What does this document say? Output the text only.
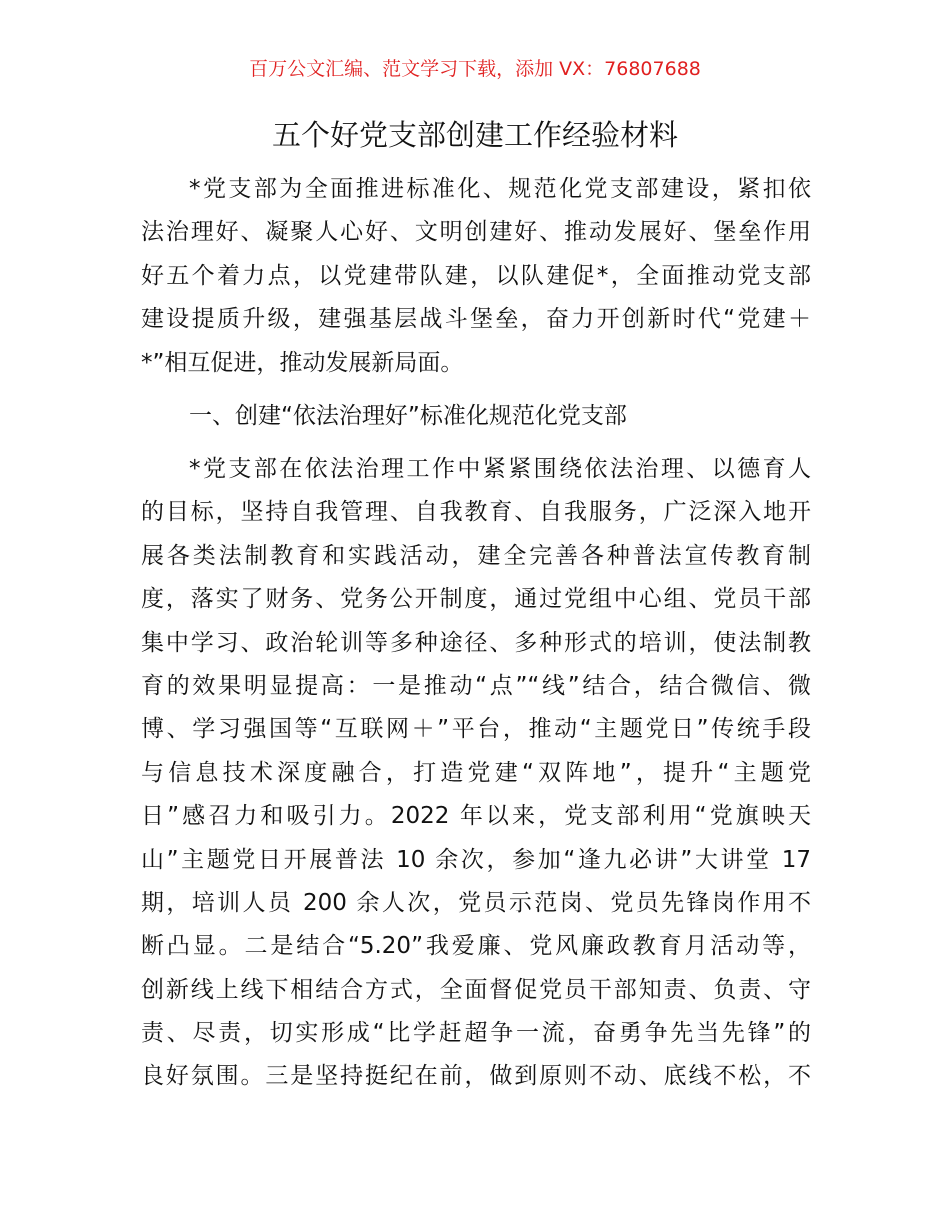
百万公文汇编、范文学习下载，添加 VX：76807688
五个好党支部创建工作经验材料
*党支部为全面推进标准化、规范化党支部建设，紧扣依
法治理好、凝聚人心好、文明创建好、推动发展好、堡垒作用
好五个着力点，以党建带队建，以队建促*，全面推动党支部
建设提质升级，建强基层战斗堡垒，奋力开创新时代“党建＋
*”相互促进，推动发展新局面。
一、创建“依法治理好”标准化规范化党支部
*党支部在依法治理工作中紧紧围绕依法治理、以德育人
的目标，坚持自我管理、自我教育、自我服务，广泛深入地开
展各类法制教育和实践活动，建全完善各种普法宣传教育制
度，落实了财务、党务公开制度，通过党组中心组、党员干部
集中学习、政治轮训等多种途径、多种形式的培训，使法制教
育的效果明显提高：一是推动“点”“线”结合，结合微信、微
博、学习强国等“互联网＋”平台，推动“主题党日”传统手段
与信息技术深度融合，打造党建“双阵地”，提升“主题党
日”感召力和吸引力。2022 年以来，党支部利用“党旗映天
山”主题党日开展普法 10 余次，参加“逢九必讲”大讲堂 17
期，培训人员 200 余人次，党员示范岗、党员先锋岗作用不
断凸显。二是结合“5.20”我爱廉、党风廉政教育月活动等，
创新线上线下相结合方式，全面督促党员干部知责、负责、守
责、尽责，切实形成“比学赶超争一流，奋勇争先当先锋”的
良好氛围。三是坚持挺纪在前，做到原则不动、底线不松，不
